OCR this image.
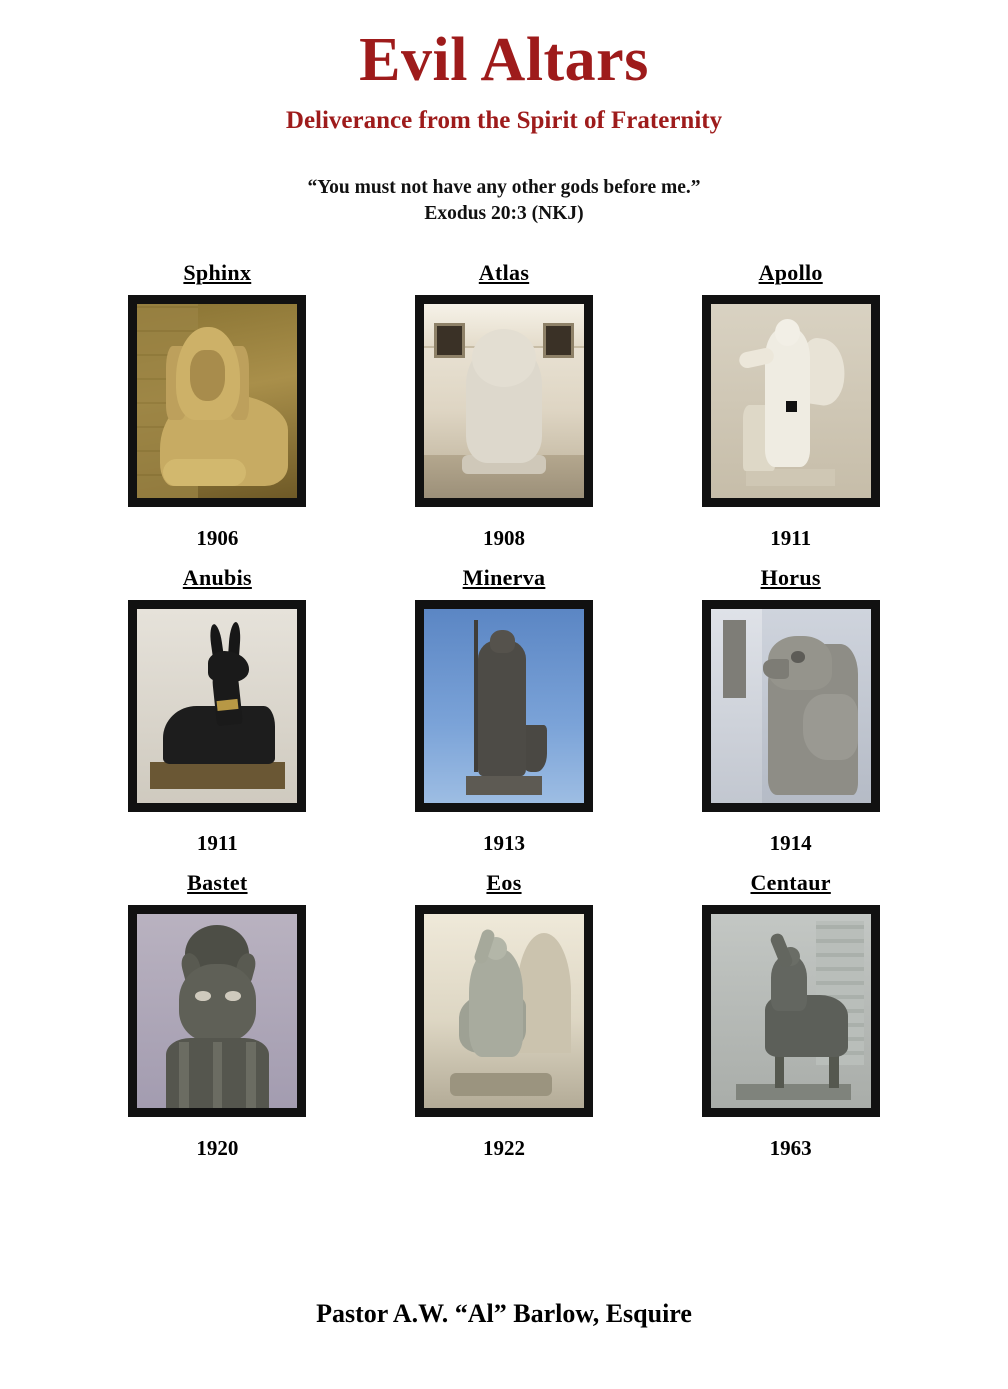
Evil Altars
Deliverance from the Spirit of Fraternity
“You must not have any other gods before me.”
Exodus 20:3 (NKJ)
Sphinx
1906
Atlas
1908
Apollo
1911
Anubis
1911
Minerva
1913
Horus
1914
Bastet
1920
Eos
1922
Centaur
1963
Pastor A.W. “Al” Barlow, Esquire
